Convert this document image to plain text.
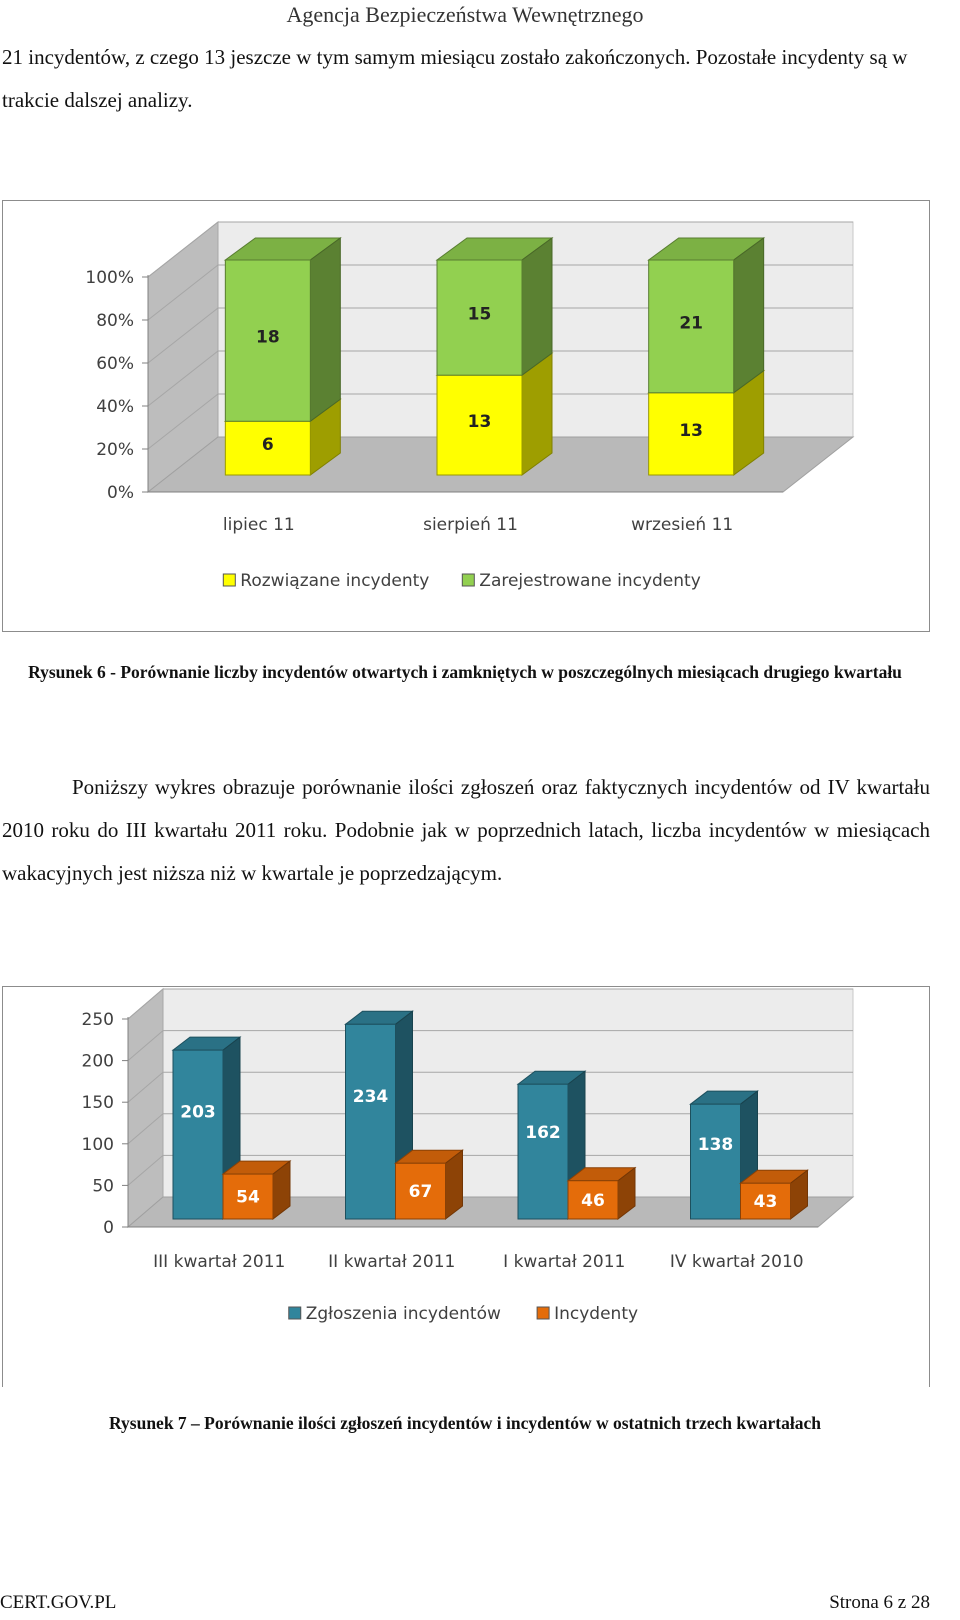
Agencja Bezpieczeństwa Wewnętrznego

21 incydentów, z czego 13 jeszcze w tym samym miesiącu zostało zakończonych. Pozostałe incydenty są w trakcie dalszej analizy.

0%
20%
40%
60%
80%
100%
6
18
lipiec 11
13
15
sierpień 11
13
21
wrzesień 11
Rozwiązane incydenty	Zarejestrowane incydenty

Rysunek 6 - Porównanie liczby incydentów otwartych i zamkniętych w poszczególnych miesiącach drugiego kwartału

Poniższy wykres obrazuje porównanie ilości zgłoszeń oraz faktycznych incydentów od IV kwartału 2010 roku do III kwartału 2011 roku. Podobnie jak w poprzednich latach, liczba incydentów w miesiącach wakacyjnych jest niższa niż w kwartale je poprzedzającym.

0
50
100
150
200
250
203
54
III kwartał 2011
234
67
II kwartał 2011
162
46
I kwartał 2011
138
43
IV kwartał 2010
Zgłoszenia incydentów	Incydenty

Rysunek 7 – Porównanie ilości zgłoszeń incydentów i incydentów w ostatnich trzech kwartałach

CERT.GOV.PL	Strona 6 z 28
